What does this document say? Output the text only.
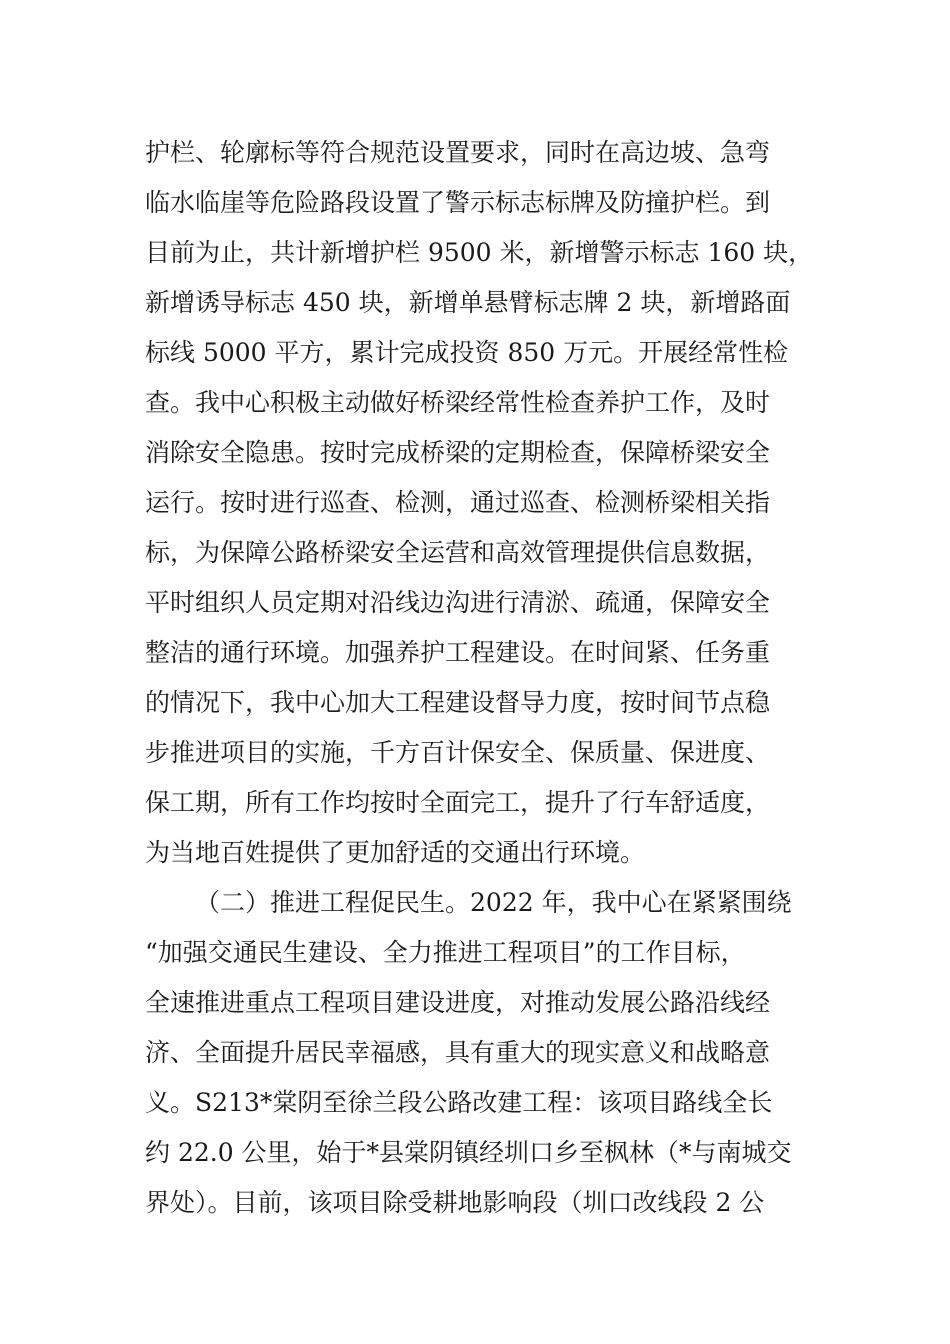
护栏、轮廓标等符合规范设置要求，同时在高边坡、急弯
临水临崖等危险路段设置了警示标志标牌及防撞护栏。到
目前为止，共计新增护栏 9500 米，新增警示标志 160 块，
新增诱导标志 450 块，新增单悬臂标志牌 2 块，新增路面
标线 5000 平方，累计完成投资 850 万元。开展经常性检
查。我中心积极主动做好桥梁经常性检查养护工作，及时
消除安全隐患。按时完成桥梁的定期检查，保障桥梁安全
运行。按时进行巡查、检测，通过巡查、检测桥梁相关指
标，为保障公路桥梁安全运营和高效管理提供信息数据，
平时组织人员定期对沿线边沟进行清淤、疏通，保障安全
整洁的通行环境。加强养护工程建设。在时间紧、任务重
的情况下，我中心加大工程建设督导力度，按时间节点稳
步推进项目的实施，千方百计保安全、保质量、保进度、
保工期，所有工作均按时全面完工，提升了行车舒适度，
为当地百姓提供了更加舒适的交通出行环境。
（二）推进工程促民生。2022 年，我中心在紧紧围绕
“加强交通民生建设、全力推进工程项目”的工作目标，
全速推进重点工程项目建设进度，对推动发展公路沿线经
济、全面提升居民幸福感，具有重大的现实意义和战略意
义。S213*棠阴至徐兰段公路改建工程：该项目路线全长
约 22.0 公里，始于*县棠阴镇经圳口乡至枫林（*与南城交
界处）。目前，该项目除受耕地影响段（圳口改线段 2 公
